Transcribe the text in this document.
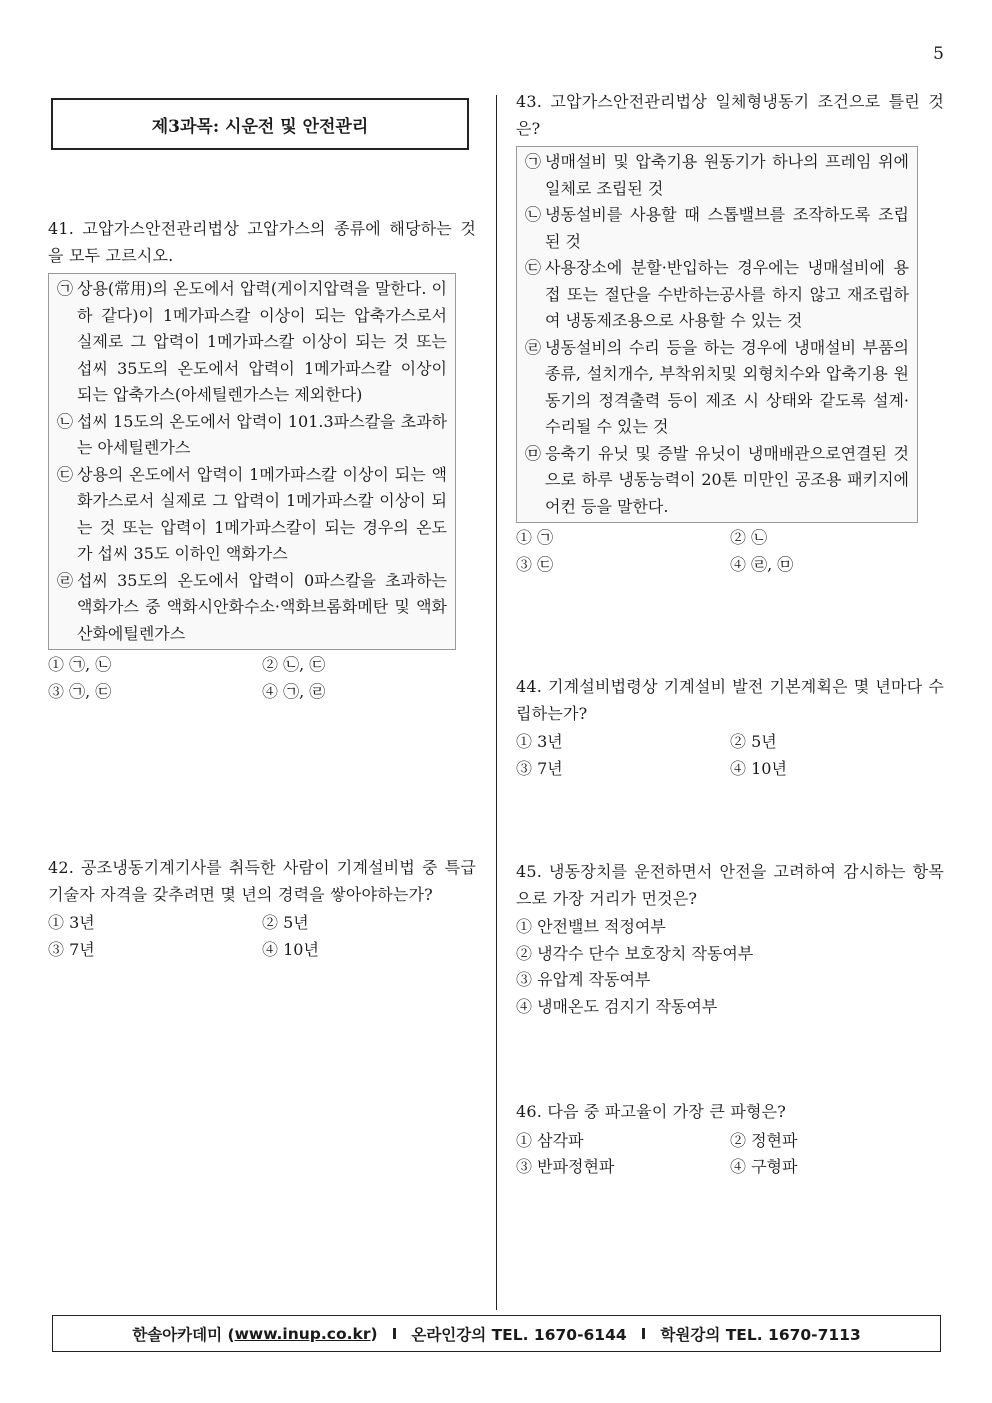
5
제3과목: 시운전 및 안전관리
41. 고압가스안전관리법상 고압가스의 종류에 해당하는 것을 모두 고르시오.
㉠ 상용(常用)의 온도에서 압력(게이지압력을 말한다. 이하 같다)이 1메가파스칼 이상이 되는 압축가스로서 실제로 그 압력이 1메가파스칼 이상이 되는 것 또는 섭씨 35도의 온도에서 압력이 1메가파스칼 이상이 되는 압축가스(아세틸렌가스는 제외한다)
㉡ 섭씨 15도의 온도에서 압력이 101.3파스칼을 초과하는 아세틸렌가스
㉢ 상용의 온도에서 압력이 1메가파스칼 이상이 되는 액화가스로서 실제로 그 압력이 1메가파스칼 이상이 되는 것 또는 압력이 1메가파스칼이 되는 경우의 온도가 섭씨 35도 이하인 액화가스
㉣ 섭씨 35도의 온도에서 압력이 0파스칼을 초과하는 액화가스 중 액화시안화수소·액화브롬화메탄 및 액화산화에틸렌가스
① ㉠, ㉡	② ㉡, ㉢
③ ㉠, ㉢	④ ㉠, ㉣
42. 공조냉동기계기사를 취득한 사람이 기계설비법 중 특급기술자 자격을 갖추려면 몇 년의 경력을 쌓아야하는가?
① 3년	② 5년
③ 7년	④ 10년
43. 고압가스안전관리법상 일체형냉동기 조건으로 틀린 것은?
㉠ 냉매설비 및 압축기용 원동기가 하나의 프레임 위에 일체로 조립된 것
㉡ 냉동설비를 사용할 때 스톱밸브를 조작하도록 조립된 것
㉢ 사용장소에 분할·반입하는 경우에는 냉매설비에 용접 또는 절단을 수반하는공사를 하지 않고 재조립하여 냉동제조용으로 사용할 수 있는 것
㉣ 냉동설비의 수리 등을 하는 경우에 냉매설비 부품의 종류, 설치개수, 부착위치및 외형치수와 압축기용 원동기의 정격출력 등이 제조 시 상태와 같도록 설계·수리될 수 있는 것
㉤ 응축기 유닛 및 증발 유닛이 냉매배관으로연결된 것으로 하루 냉동능력이 20톤 미만인 공조용 패키지에어컨 등을 말한다.
① ㉠	② ㉡
③ ㉢	④ ㉣, ㉤
44. 기계설비법령상 기계설비 발전 기본계획은 몇 년마다 수립하는가?
① 3년	② 5년
③ 7년	④ 10년
45. 냉동장치를 운전하면서 안전을 고려하여 감시하는 항목으로 가장 거리가 먼것은?
① 안전밸브 적정여부
② 냉각수 단수 보호장치 작동여부
③ 유압계 작동여부
④ 냉매온도 검지기 작동여부
46. 다음 중 파고율이 가장 큰 파형은?
① 삼각파	② 정현파
③ 반파정현파	④ 구형파
한솔아카데미 ( www.inup.co.kr ) I 온라인강의 TEL. 1670-6144 I 학원강의 TEL. 1670-7113
